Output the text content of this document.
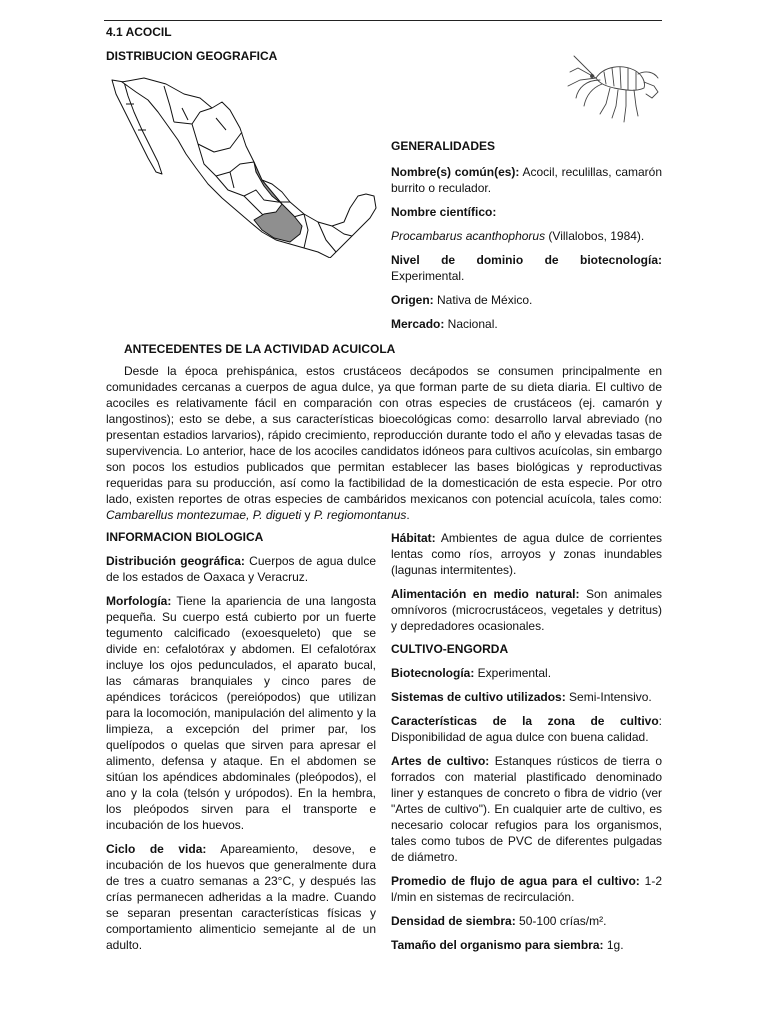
4.1 ACOCIL
DISTRIBUCION GEOGRAFICA
GENERALIDADES
Nombre(s) común(es): Acocil, reculillas, camarón burrito o reculador.
Nombre científico:
Procambarus acanthophorus (Villalobos, 1984).
Nivel de dominio de biotecnología: Experimental.
Origen: Nativa de México.
Mercado: Nacional.
ANTECEDENTES DE LA ACTIVIDAD ACUICOLA
Desde la época prehispánica, estos crustáceos decápodos se consumen principalmente en comunidades cercanas a cuerpos de agua dulce, ya que forman parte de su dieta diaria. El cultivo de acociles es relativamente fácil en comparación con otras especies de crustáceos (ej. camarón y langostinos); esto se debe, a sus características bioecológicas como: desarrollo larval abreviado (no presentan estadios larvarios), rápido crecimiento, reproducción durante todo el año y elevadas tasas de supervivencia. Lo anterior, hace de los acociles candidatos idóneos para cultivos acuícolas, sin embargo son pocos los estudios publicados que permitan establecer las bases biológicas y reproductivas requeridas para su producción, así como la factibilidad de la domesticación de esta especie. Por otro lado, existen reportes de otras especies de cambáridos mexicanos con potencial acuícola, tales como: Cambarellus montezumae, P. digueti y P. regiomontanus.
INFORMACION BIOLOGICA
Distribución geográfica: Cuerpos de agua dulce de los estados de Oaxaca y Veracruz.
Morfología: Tiene la apariencia de una langosta pequeña. Su cuerpo está cubierto por un fuerte tegumento calcificado (exoesqueleto) que se divide en: cefalotórax y abdomen. El cefalotórax incluye los ojos pedunculados, el aparato bucal, las cámaras branquiales y cinco pares de apéndices torácicos (pereiópodos) que utilizan para la locomoción, manipulación del alimento y la limpieza, a excepción del primer par, los quelípodos o quelas que sirven para apresar el alimento, defensa y ataque. En el abdomen se sitúan los apéndices abdominales (pleópodos), el ano y la cola (telsón y urópodos). En la hembra, los pleópodos sirven para el transporte e incubación de los huevos.
Ciclo de vida: Apareamiento, desove, e incubación de los huevos que generalmente dura de tres a cuatro semanas a 23°C, y después las crías permanecen adheridas a la madre. Cuando se separan presentan características físicas y comportamiento alimenticio semejante al de un adulto.
Hábitat: Ambientes de agua dulce de corrientes lentas como ríos, arroyos y zonas inundables (lagunas intermitentes).
Alimentación en medio natural: Son animales omnívoros (microcrustáceos, vegetales y detritus) y depredadores ocasionales.
CULTIVO-ENGORDA
Biotecnología: Experimental.
Sistemas de cultivo utilizados: Semi-Intensivo.
Características de la zona de cultivo: Disponibilidad de agua dulce con buena calidad.
Artes de cultivo: Estanques rústicos de tierra o forrados con material plastificado denominado liner y estanques de concreto o fibra de vidrio (ver "Artes de cultivo"). En cualquier arte de cultivo, es necesario colocar refugios para los organismos, tales como tubos de PVC de diferentes pulgadas de diámetro.
Promedio de flujo de agua para el cultivo: 1-2 l/min en sistemas de recirculación.
Densidad de siembra: 50-100 crías/m².
Tamaño del organismo para siembra: 1g.
